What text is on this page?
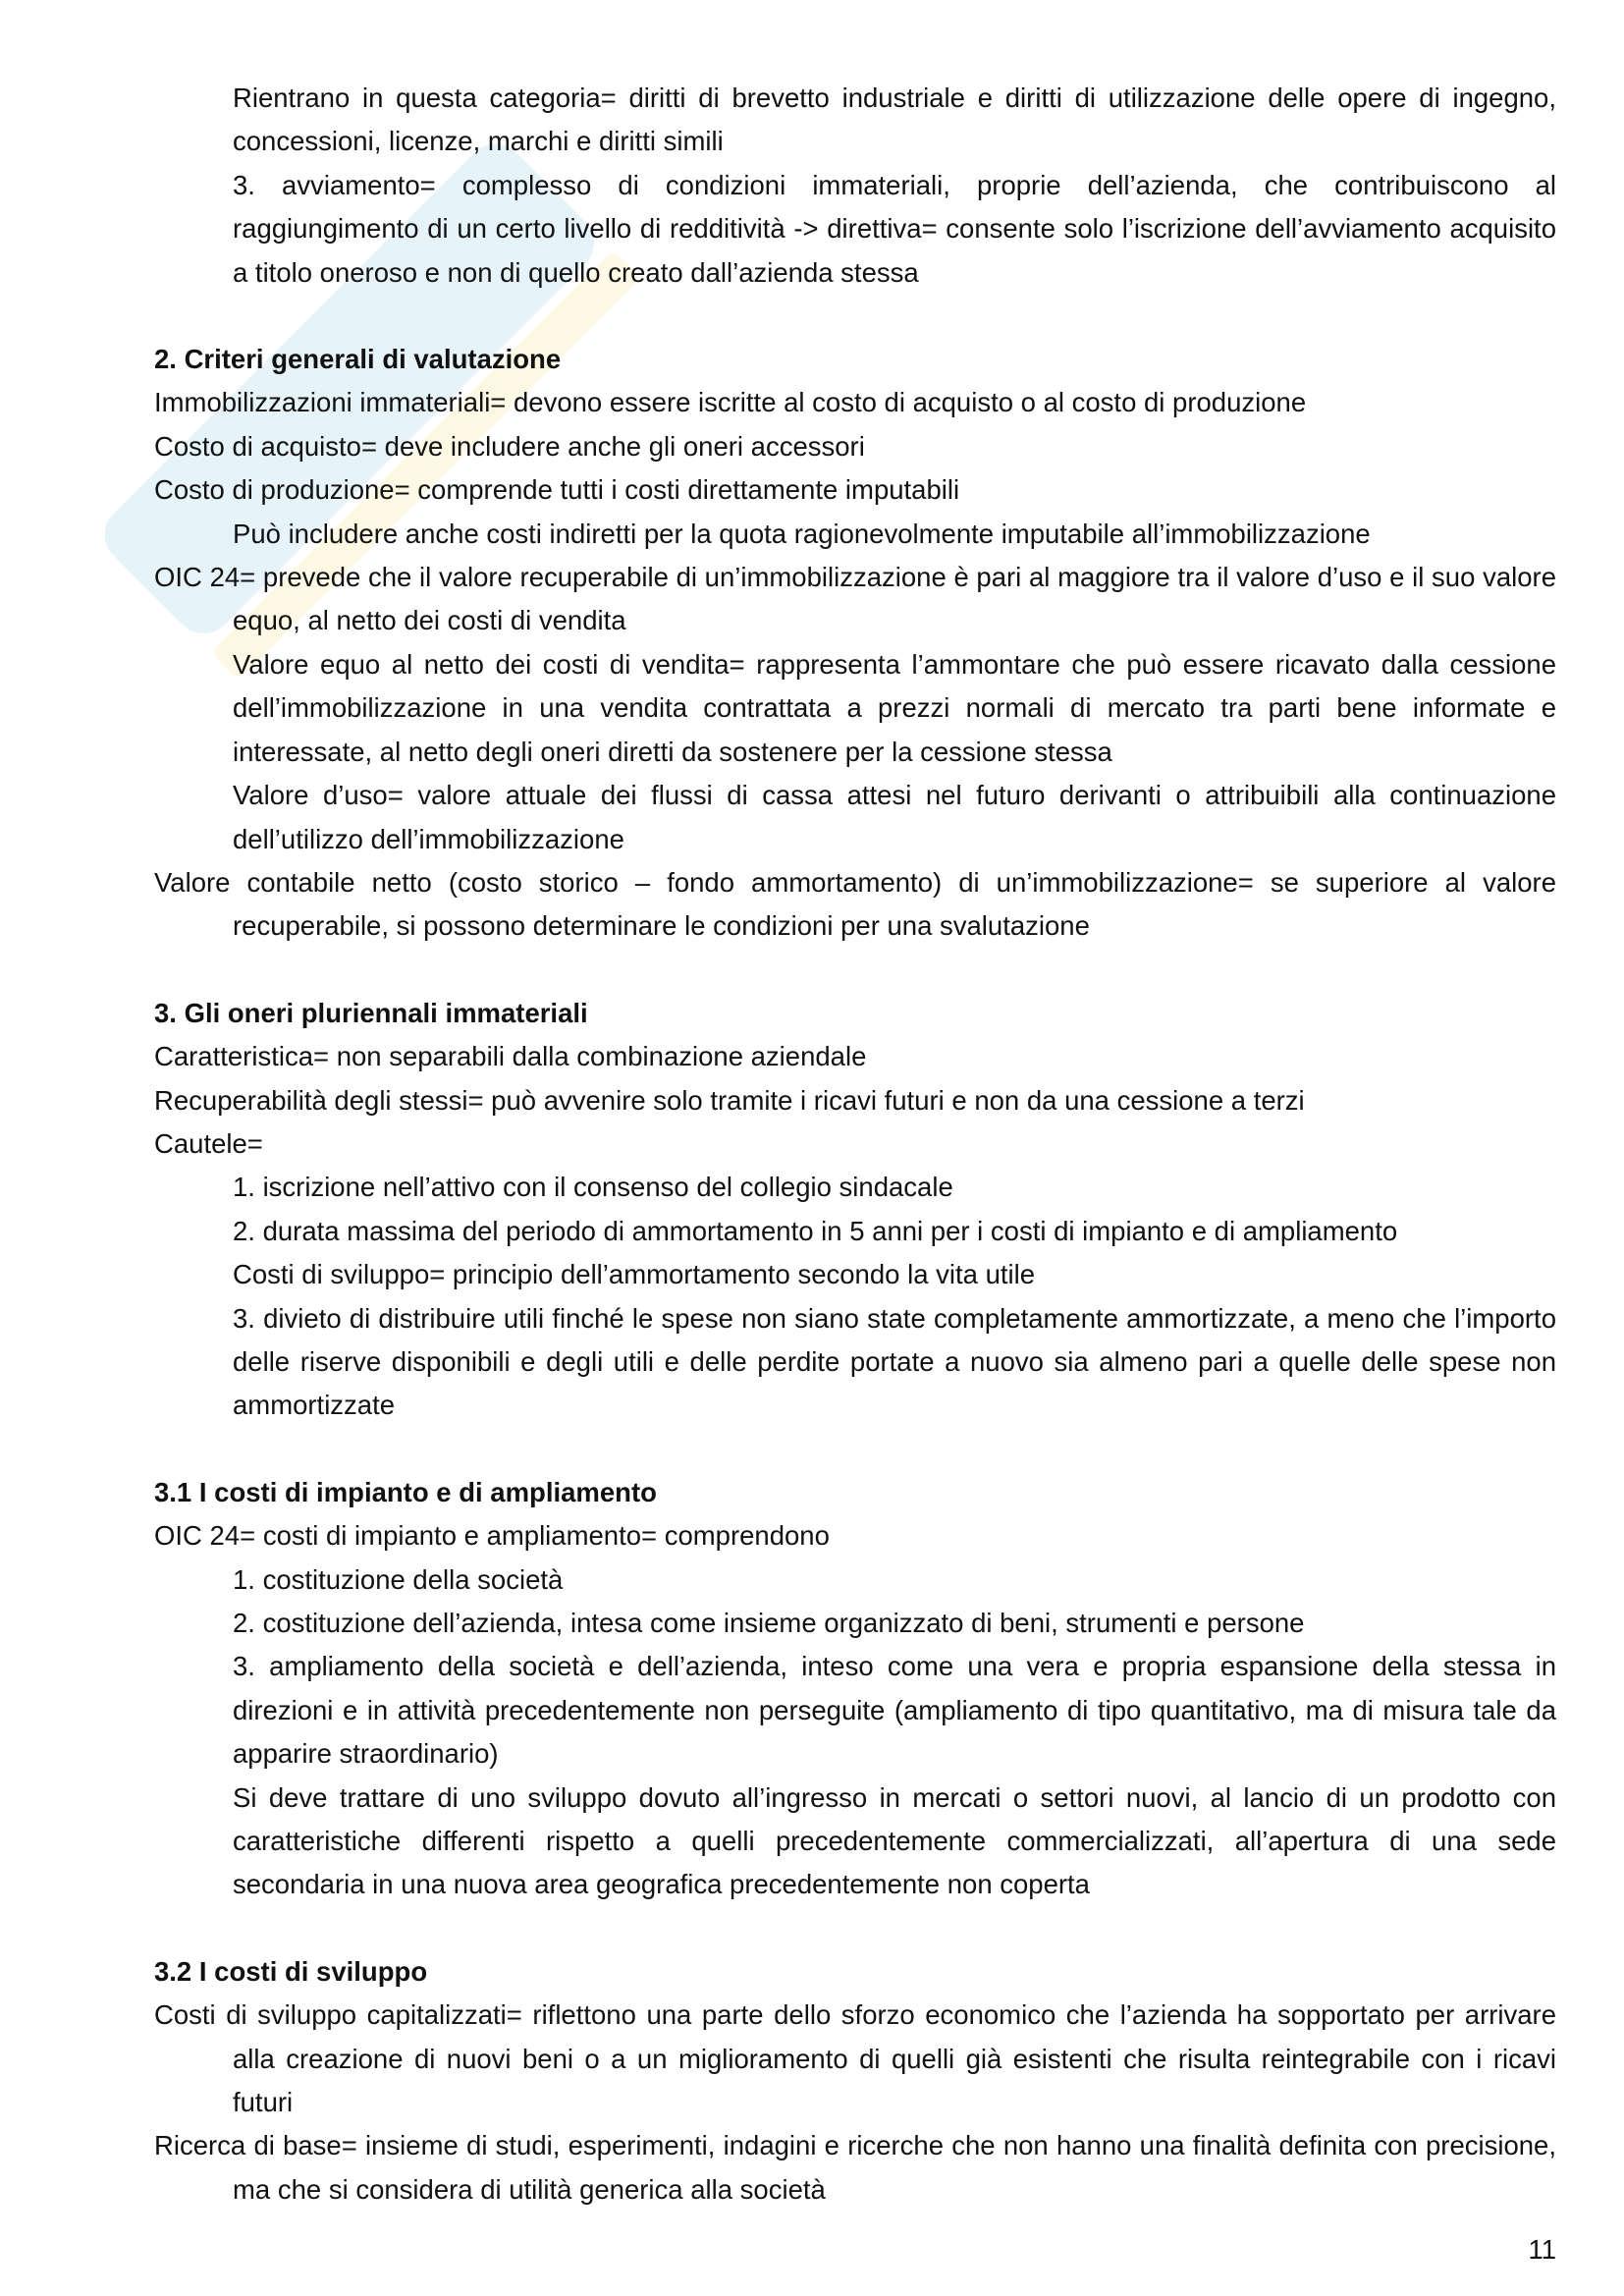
Rientrano in questa categoria= diritti di brevetto industriale e diritti di utilizzazione delle opere di ingegno, concessioni, licenze, marchi e diritti simili

3. avviamento= complesso di condizioni immateriali, proprie dell’azienda, che contribuiscono al raggiungimento di un certo livello di redditività -> direttiva= consente solo l’iscrizione dell’avviamento acquisito a titolo oneroso e non di quello creato dall’azienda stessa

2. Criteri generali di valutazione

Immobilizzazioni immateriali= devono essere iscritte al costo di acquisto o al costo di produzione

Costo di acquisto= deve includere anche gli oneri accessori

Costo di produzione= comprende tutti i costi direttamente imputabili

Può includere anche costi indiretti per la quota ragionevolmente imputabile all’immobilizzazione

OIC 24= prevede che il valore recuperabile di un’immobilizzazione è pari al maggiore tra il valore d’uso e il suo valore equo, al netto dei costi di vendita

Valore equo al netto dei costi di vendita= rappresenta l’ammontare che può essere ricavato dalla cessione dell’immobilizzazione in una vendita contrattata a prezzi normali di mercato tra parti bene informate e interessate, al netto degli oneri diretti da sostenere per la cessione stessa

Valore d’uso= valore attuale dei flussi di cassa attesi nel futuro derivanti o attribuibili alla continuazione dell’utilizzo dell’immobilizzazione

Valore contabile netto (costo storico – fondo ammortamento) di un’immobilizzazione= se superiore al valore recuperabile, si possono determinare le condizioni per una svalutazione

3. Gli oneri pluriennali immateriali

Caratteristica= non separabili dalla combinazione aziendale

Recuperabilità degli stessi= può avvenire solo tramite i ricavi futuri e non da una cessione a terzi

Cautele=

1. iscrizione nell’attivo con il consenso del collegio sindacale

2. durata massima del periodo di ammortamento in 5 anni per i costi di impianto e di ampliamento

Costi di sviluppo= principio dell’ammortamento secondo la vita utile

3. divieto di distribuire utili finché le spese non siano state completamente ammortizzate, a meno che l’importo delle riserve disponibili e degli utili e delle perdite portate a nuovo sia almeno pari a quelle delle spese non ammortizzate

3.1 I costi di impianto e di ampliamento

OIC 24= costi di impianto e ampliamento= comprendono

1. costituzione della società

2. costituzione dell’azienda, intesa come insieme organizzato di beni, strumenti e persone

3. ampliamento della società e dell’azienda, inteso come una vera e propria espansione della stessa in direzioni e in attività precedentemente non perseguite (ampliamento di tipo quantitativo, ma di misura tale da apparire straordinario)

Si deve trattare di uno sviluppo dovuto all’ingresso in mercati o settori nuovi, al lancio di un prodotto con caratteristiche differenti rispetto a quelli precedentemente commercializzati, all’apertura di una sede secondaria in una nuova area geografica precedentemente non coperta

3.2 I costi di sviluppo

Costi di sviluppo capitalizzati= riflettono una parte dello sforzo economico che l’azienda ha sopportato per arrivare alla creazione di nuovi beni o a un miglioramento di quelli già esistenti che risulta reintegrabile con i ricavi futuri

Ricerca di base= insieme di studi, esperimenti, indagini e ricerche che non hanno una finalità definita con precisione, ma che si considera di utilità generica alla società

11
